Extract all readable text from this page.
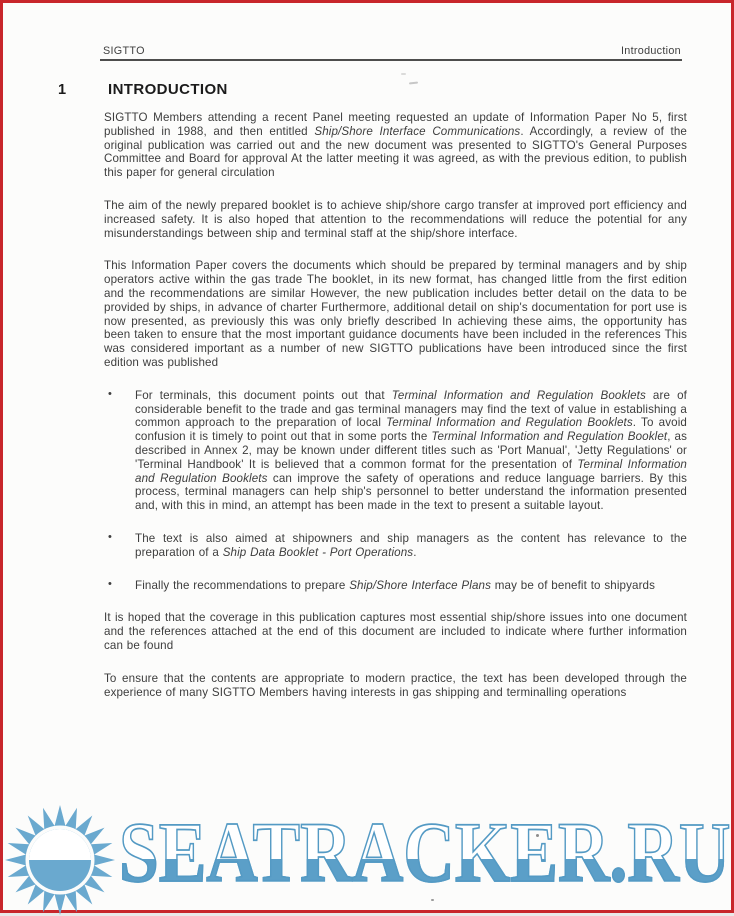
SIGTTO	Introduction
1	INTRODUCTION
SIGTTO Members attending a recent Panel meeting requested an update of Information Paper No 5, first published in 1988, and then entitled Ship/Shore Interface Communications. Accordingly, a review of the original publication was carried out and the new document was presented to SIGTTO's General Purposes Committee and Board for approval At the latter meeting it was agreed, as with the previous edition, to publish this paper for general circulation
The aim of the newly prepared booklet is to achieve ship/shore cargo transfer at improved port efficiency and increased safety. It is also hoped that attention to the recommendations will reduce the potential for any misunderstandings between ship and terminal staff at the ship/shore interface.
This Information Paper covers the documents which should be prepared by terminal managers and by ship operators active within the gas trade The booklet, in its new format, has changed little from the first edition and the recommendations are similar However, the new publication includes better detail on the data to be provided by ships, in advance of charter Furthermore, additional detail on ship's documentation for port use is now presented, as previously this was only briefly described In achieving these aims, the opportunity has been taken to ensure that the most important guidance documents have been included in the references This was considered important as a number of new SIGTTO publications have been introduced since the first edition was published
• For terminals, this document points out that Terminal Information and Regulation Booklets are of considerable benefit to the trade and gas terminal managers may find the text of value in establishing a common approach to the preparation of local Terminal Information and Regulation Booklets. To avoid confusion it is timely to point out that in some ports the Terminal Information and Regulation Booklet, as described in Annex 2, may be known under different titles such as 'Port Manual', 'Jetty Regulations' or 'Terminal Handbook' It is believed that a common format for the presentation of Terminal Information and Regulation Booklets can improve the safety of operations and reduce language barriers. By this process, terminal managers can help ship's personnel to better understand the information presented and, with this in mind, an attempt has been made in the text to present a suitable layout.
• The text is also aimed at shipowners and ship managers as the content has relevance to the preparation of a Ship Data Booklet - Port Operations.
• Finally the recommendations to prepare Ship/Shore Interface Plans may be of benefit to shipyards
It is hoped that the coverage in this publication captures most essential ship/shore issues into one document and the references attached at the end of this document are included to indicate where further information can be found
To ensure that the contents are appropriate to modern practice, the text has been developed through the experience of many SIGTTO Members having interests in gas shipping and terminalling operations
SEATRACKER.RU
